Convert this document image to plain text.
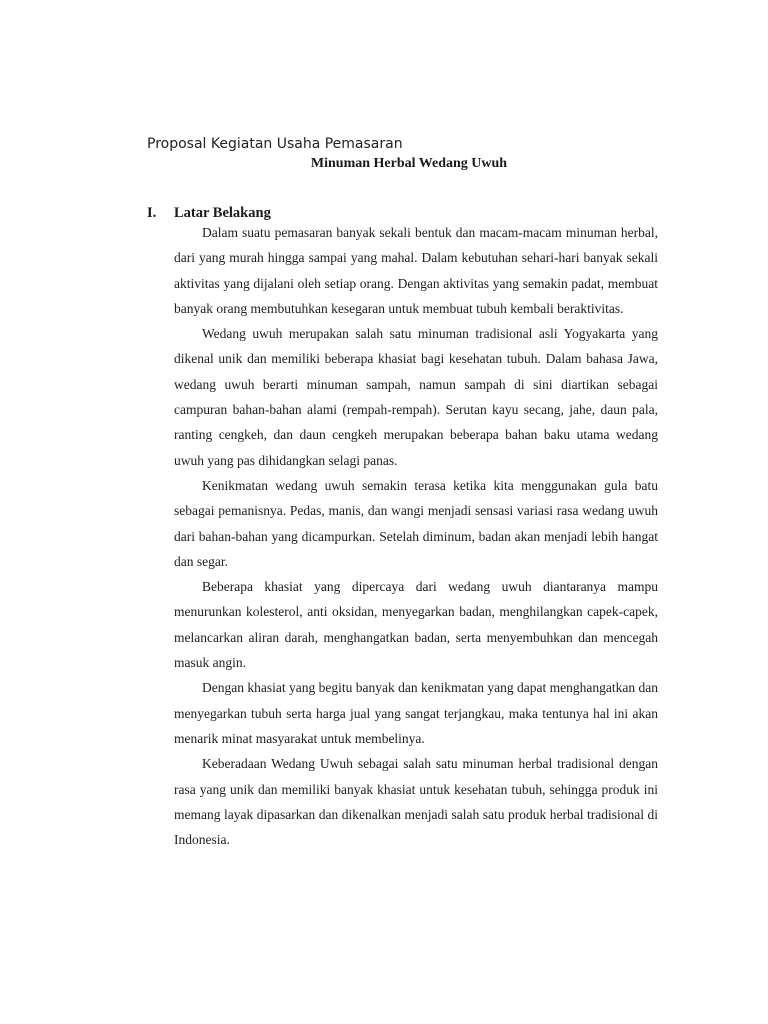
Proposal Kegiatan Usaha Pemasaran
Minuman Herbal Wedang Uwuh
I. Latar Belakang

Dalam suatu pemasaran banyak sekali bentuk dan macam-macam minuman herbal, dari yang murah hingga sampai yang mahal. Dalam kebutuhan sehari-hari banyak sekali aktivitas yang dijalani oleh setiap orang. Dengan aktivitas yang semakin padat, membuat banyak orang membutuhkan kesegaran untuk membuat tubuh kembali beraktivitas.

Wedang uwuh merupakan salah satu minuman tradisional asli Yogyakarta yang dikenal unik dan memiliki beberapa khasiat bagi kesehatan tubuh. Dalam bahasa Jawa, wedang uwuh berarti minuman sampah, namun sampah di sini diartikan sebagai campuran bahan-bahan alami (rempah-rempah). Serutan kayu secang, jahe, daun pala, ranting cengkeh, dan daun cengkeh merupakan beberapa bahan baku utama wedang uwuh yang pas dihidangkan selagi panas.

Kenikmatan wedang uwuh semakin terasa ketika kita menggunakan gula batu sebagai pemanisnya. Pedas, manis, dan wangi menjadi sensasi variasi rasa wedang uwuh dari bahan-bahan yang dicampurkan. Setelah diminum, badan akan menjadi lebih hangat dan segar.

Beberapa khasiat yang dipercaya dari wedang uwuh diantaranya mampu menurunkan kolesterol, anti oksidan, menyegarkan badan, menghilangkan capek-capek, melancarkan aliran darah, menghangatkan badan, serta menyembuhkan dan mencegah masuk angin.

Dengan khasiat yang begitu banyak dan kenikmatan yang dapat menghangatkan dan menyegarkan tubuh serta harga jual yang sangat terjangkau, maka tentunya hal ini akan menarik minat masyarakat untuk membelinya.

Keberadaan Wedang Uwuh sebagai salah satu minuman herbal tradisional dengan rasa yang unik dan memiliki banyak khasiat untuk kesehatan tubuh, sehingga produk ini memang layak dipasarkan dan dikenalkan menjadi salah satu produk herbal tradisional di Indonesia.
